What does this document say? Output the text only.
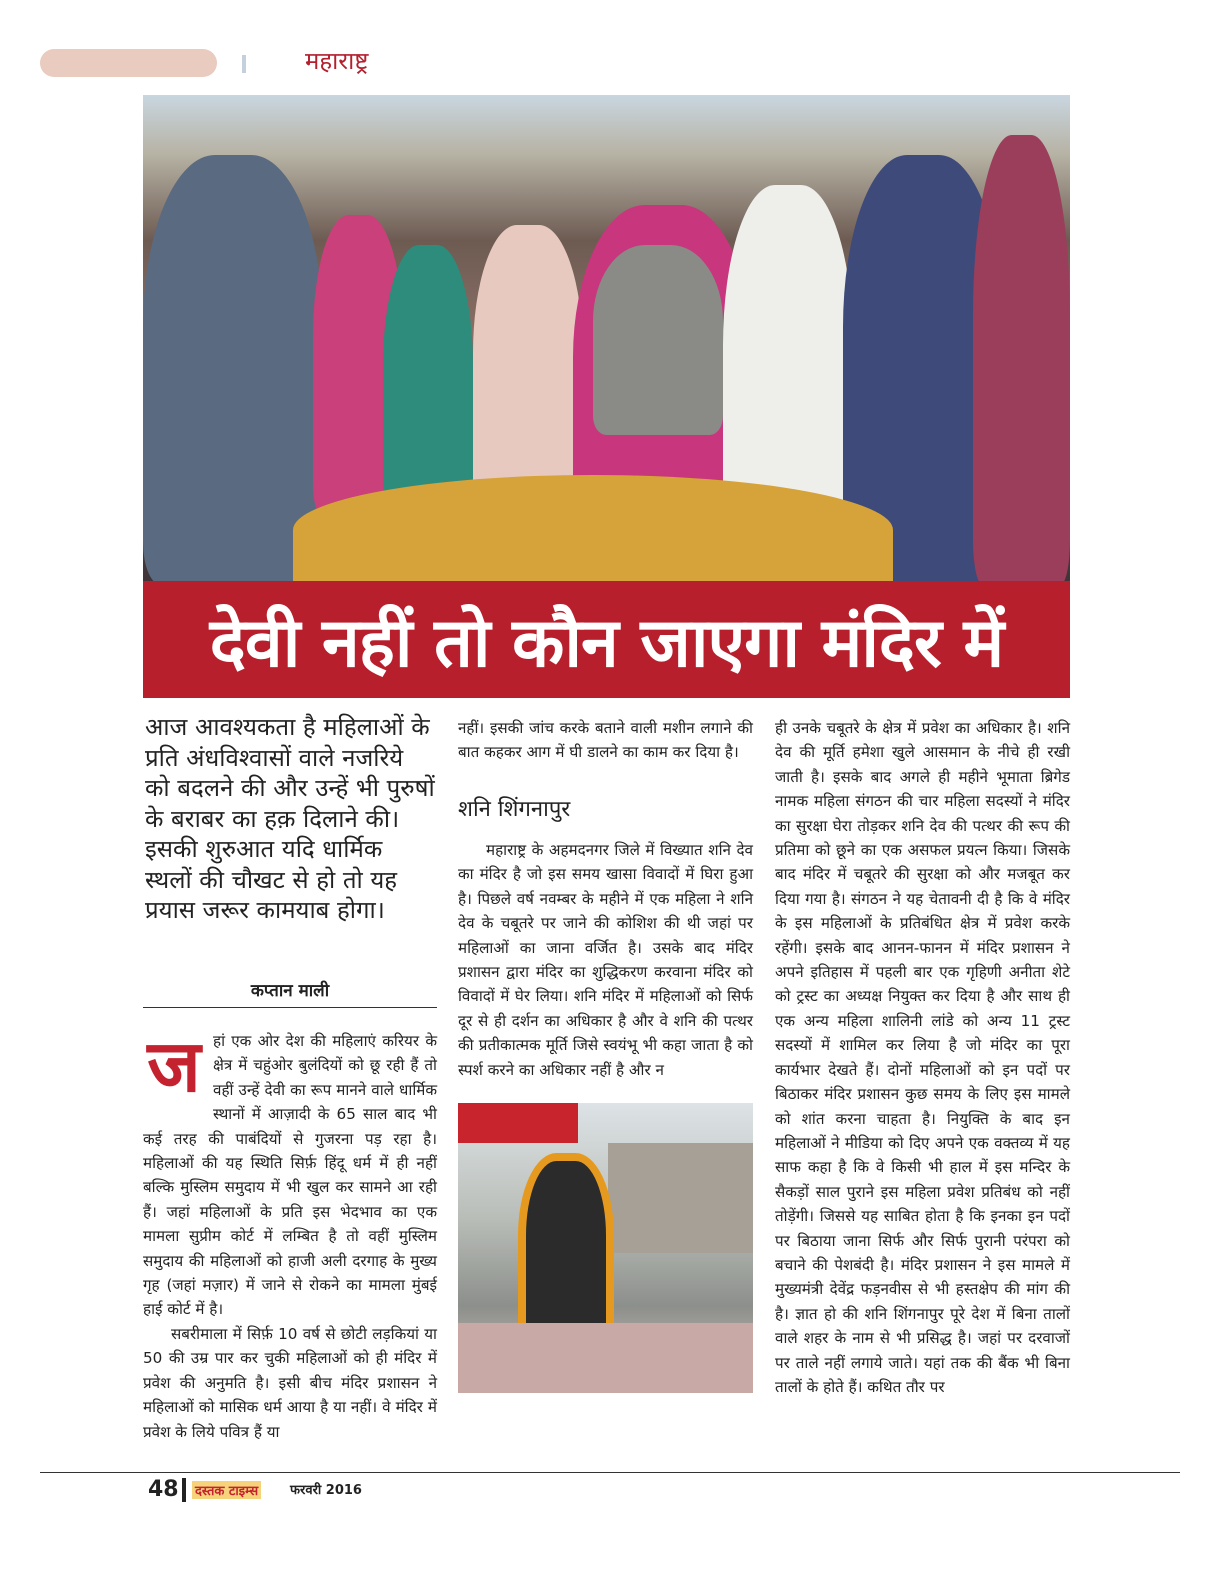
महाराष्ट्र
देवी नहीं तो कौन जाएगा मंदिर में
आज आवश्यकता है महिलाओं के प्रति अंधविश्वासों वाले नजरिये को बदलने की और उन्हें भी पुरुषों के बराबर का हक़ दिलाने की। इसकी शुरुआत यदि धार्मिक स्थलों की चौखट से हो तो यह प्रयास जरूर कामयाब होगा।
कप्तान माली
ज हां एक ओर देश की महिलाएं करियर के क्षेत्र में चहुंओर बुलंदियों को छू रही हैं तो वहीं उन्हें देवी का रूप मानने वाले धार्मिक स्थानों में आज़ादी के 65 साल बाद भी कई तरह की पाबंदियों से गुजरना पड़ रहा है। महिलाओं की यह स्थिति सिर्फ़ हिंदू धर्म में ही नहीं बल्कि मुस्लिम समुदाय में भी खुल कर सामने आ रही हैं। जहां महिलाओं के प्रति इस भेदभाव का एक मामला सुप्रीम कोर्ट में लम्बित है तो वहीं मुस्लिम समुदाय की महिलाओं को हाजी अली दरगाह के मुख्य गृह (जहां मज़ार) में जाने से रोकने का मामला मुंबई हाई कोर्ट में है।

सबरीमाला में सिर्फ़ 10 वर्ष से छोटी लड़कियां या 50 की उम्र पार कर चुकी महिलाओं को ही मंदिर में प्रवेश की अनुमति है। इसी बीच मंदिर प्रशासन ने महिलाओं को मासिक धर्म आया है या नहीं। वे मंदिर में प्रवेश के लिये पवित्र हैं या

नहीं। इसकी जांच करके बताने वाली मशीन लगाने की बात कहकर आग में घी डालने का काम कर दिया है।

शनि शिंगनापुर

महाराष्ट्र के अहमदनगर जिले में विख्यात शनि देव का मंदिर है जो इस समय खासा विवादों में घिरा हुआ है। पिछले वर्ष नवम्बर के महीने में एक महिला ने शनि देव के चबूतरे पर जाने की कोशिश की थी जहां पर महिलाओं का जाना वर्जित है। उसके बाद मंदिर प्रशासन द्वारा मंदिर का शुद्धिकरण करवाना मंदिर को विवादों में घेर लिया। शनि मंदिर में महिलाओं को सिर्फ दूर से ही दर्शन का अधिकार है और वे शनि की पत्थर की प्रतीकात्मक मूर्ति जिसे स्वयंभू भी कहा जाता है को स्पर्श करने का अधिकार नहीं है और न

ही उनके चबूतरे के क्षेत्र में प्रवेश का अधिकार है। शनि देव की मूर्ति हमेशा खुले आसमान के नीचे ही रखी जाती है। इसके बाद अगले ही महीने भूमाता ब्रिगेड नामक महिला संगठन की चार महिला सदस्यों ने मंदिर का सुरक्षा घेरा तोड़कर शनि देव की पत्थर की रूप की प्रतिमा को छूने का एक असफल प्रयत्न किया। जिसके बाद मंदिर में चबूतरे की सुरक्षा को और मजबूत कर दिया गया है। संगठन ने यह चेतावनी दी है कि वे मंदिर के इस महिलाओं के प्रतिबंधित क्षेत्र में प्रवेश करके रहेंगी। इसके बाद आनन-फानन में मंदिर प्रशासन ने अपने इतिहास में पहली बार एक गृहिणी अनीता शेटे को ट्रस्ट का अध्यक्ष नियुक्त कर दिया है और साथ ही एक अन्य महिला शालिनी लांडे को अन्य 11 ट्रस्ट सदस्यों में शामिल कर लिया है जो मंदिर का पूरा कार्यभार देखते हैं। दोनों महिलाओं को इन पदों पर बिठाकर मंदिर प्रशासन कुछ समय के लिए इस मामले को शांत करना चाहता है। नियुक्ति के बाद इन महिलाओं ने मीडिया को दिए अपने एक वक्तव्य में यह साफ कहा है कि वे किसी भी हाल में इस मन्दिर के सैकड़ों साल पुराने इस महिला प्रवेश प्रतिबंध को नहीं तोड़ेंगी। जिससे यह साबित होता है कि इनका इन पदों पर बिठाया जाना सिर्फ और सिर्फ पुरानी परंपरा को बचाने की पेशबंदी है। मंदिर प्रशासन ने इस मामले में मुख्यमंत्री देवेंद्र फड़नवीस से भी हस्तक्षेप की मांग की है। ज्ञात हो की शनि शिंगनापुर पूरे देश में बिना तालों वाले शहर के नाम से भी प्रसिद्ध है। जहां पर दरवाजों पर ताले नहीं लगाये जाते। यहां तक की बैंक भी बिना तालों के होते हैं। कथित तौर पर

48 दस्तक टाइम्स फरवरी 2016
